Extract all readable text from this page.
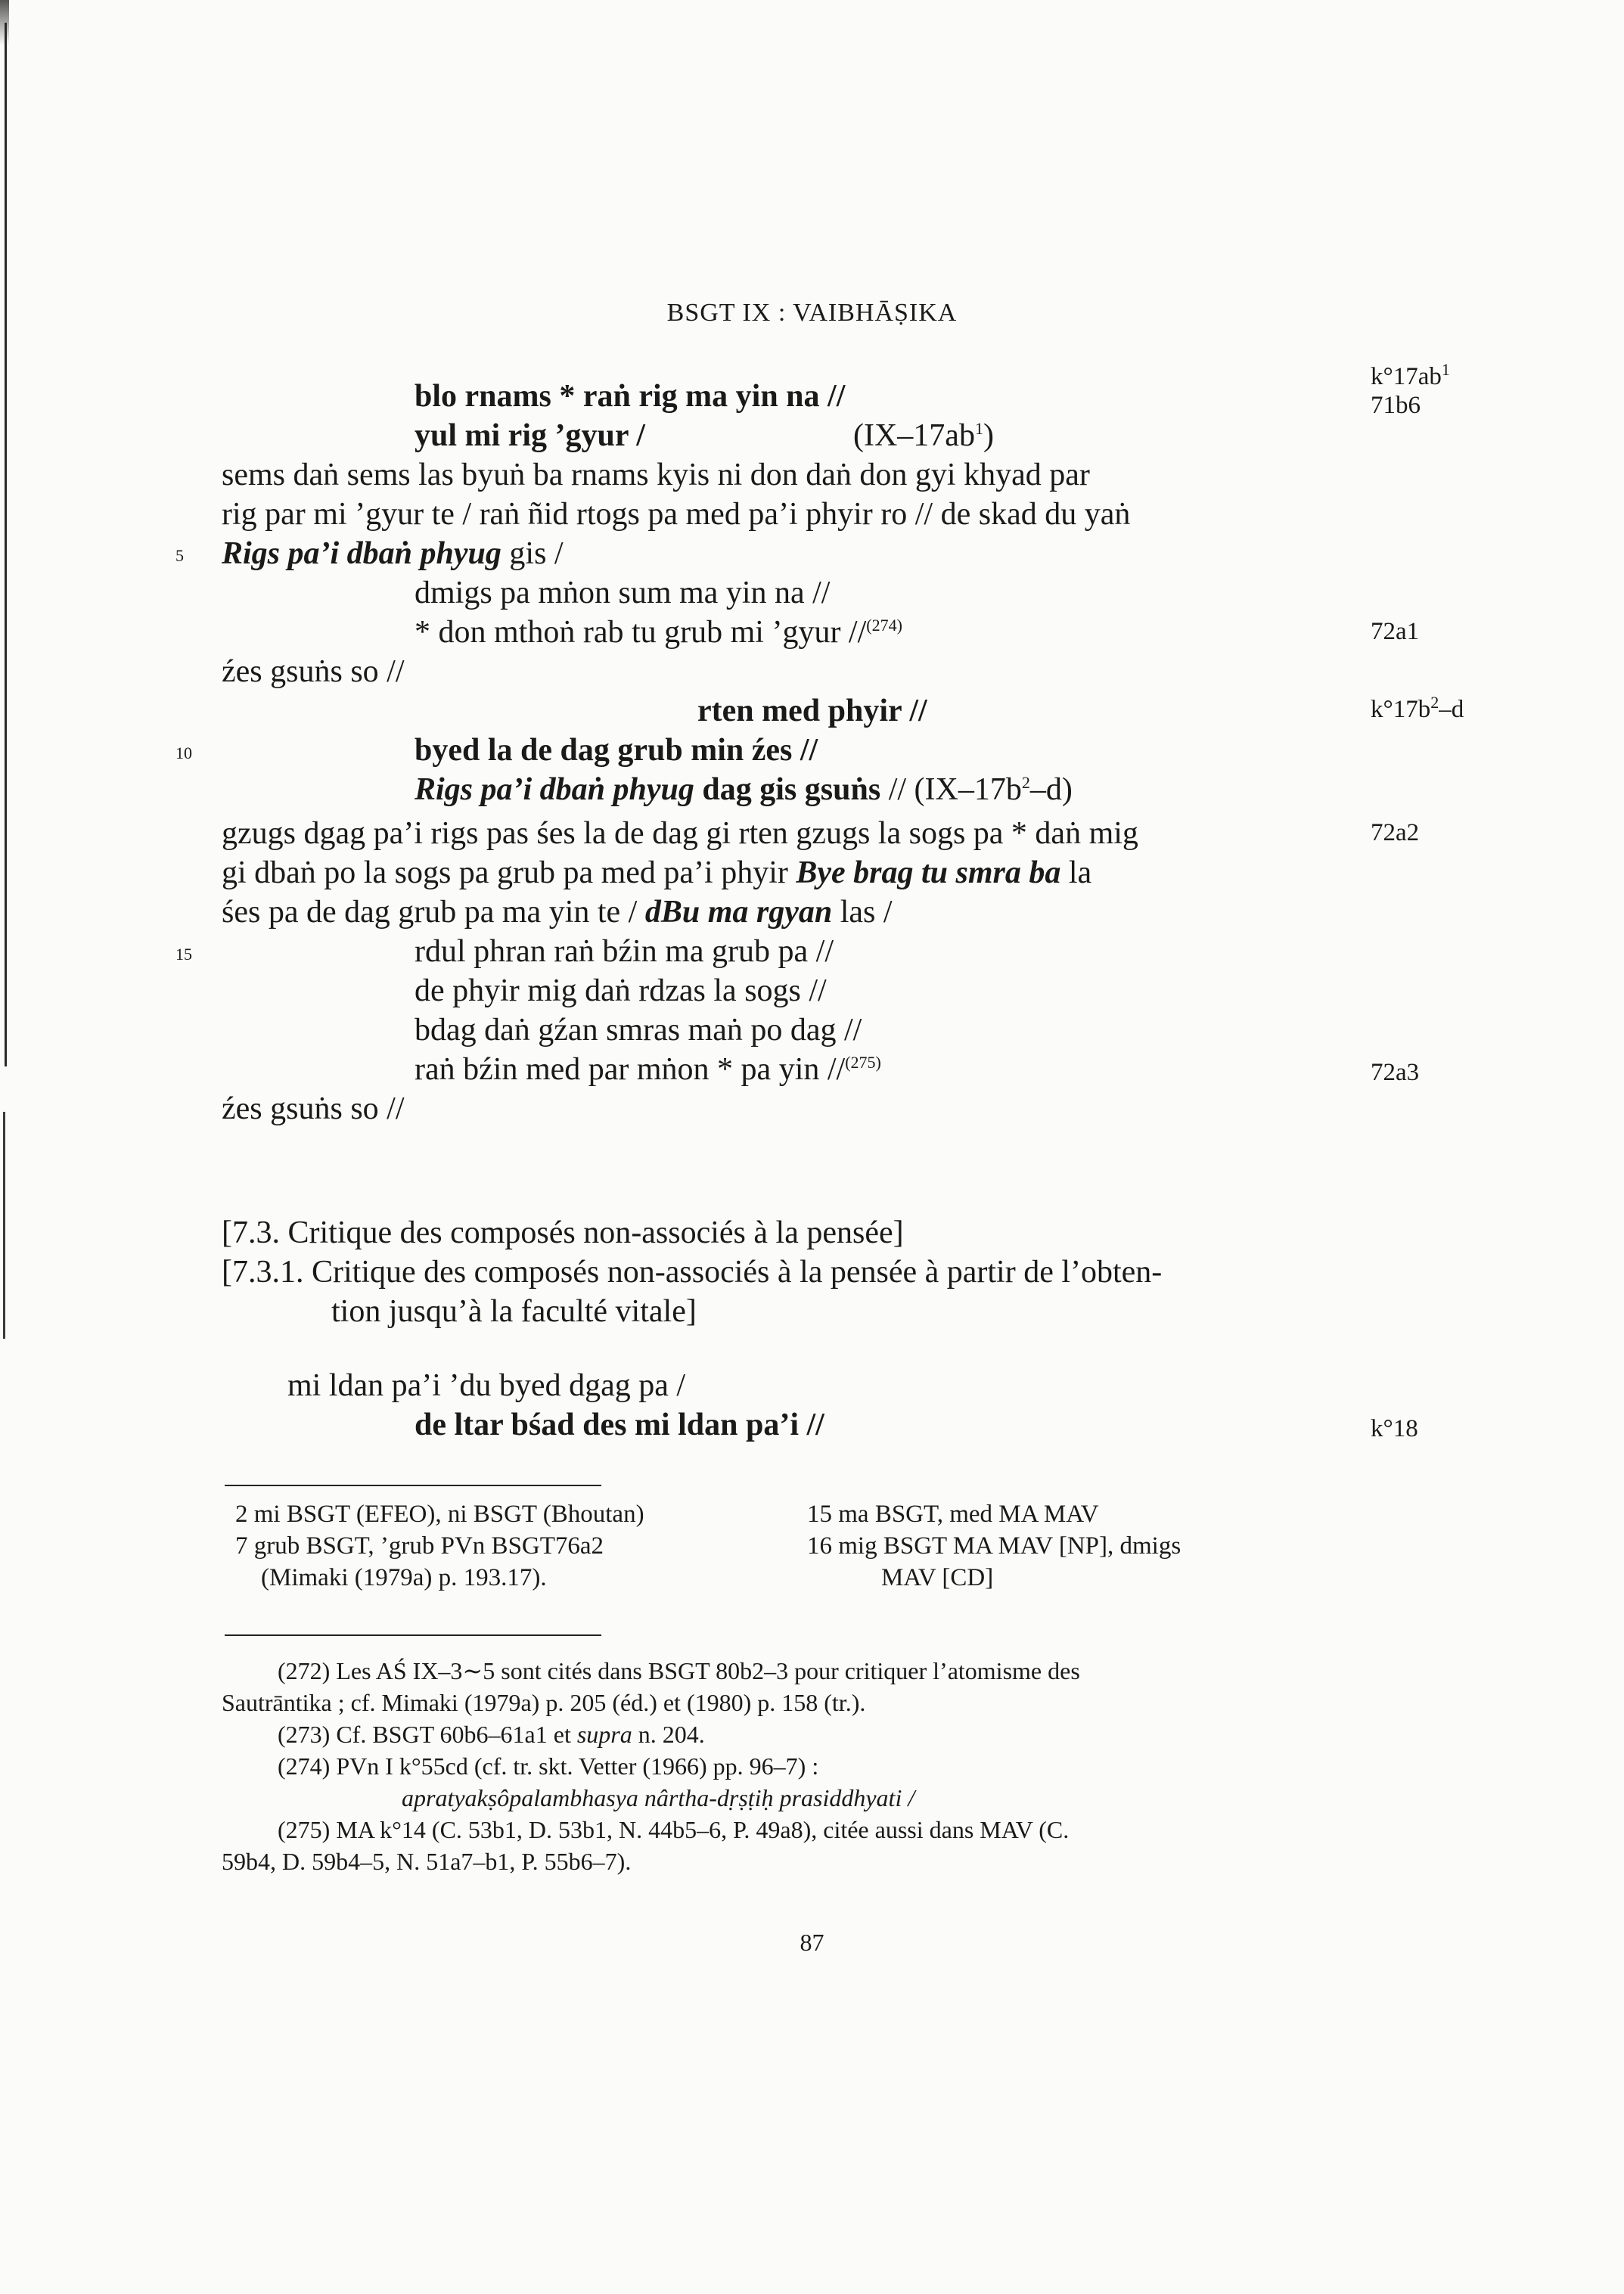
BSGT IX : VAIBHĀṢIKA
$k^\circ 17ab^1$
71b6
72a1
$k^\circ 17b^2-d$
72a2
72a3
k°18
5
10
15
blo rnams * raṅ rig ma yin na //
yul mi rig ’gyur /	$(IX-17ab^1)$
sems daṅ sems las byuṅ ba rnams kyis ni don daṅ don gyi khyad par
rig par mi ’gyur te / raṅ ñid rtogs pa med pa’i phyir ro // de skad du yaṅ
Rigs pa’i dbaṅ phyug gis /
dmigs pa mṅon sum ma yin na //
* don mthoṅ rab tu grub mi ’gyur //$^{(274)}$
źes gsuṅs so //
rten med phyir //
byed la de dag grub min źes //
Rigs pa’i dbaṅ phyug dag gis gsuṅs // $(IX-17b^2-d)$
gzugs dgag pa’i rigs pas śes la de dag gi rten gzugs la sogs pa * daṅ mig
gi dbaṅ po la sogs pa grub pa med pa’i phyir Bye brag tu smra ba la
śes pa de dag grub pa ma yin te / dBu ma rgyan las /
rdul phran raṅ bźin ma grub pa //
de phyir mig daṅ rdzas la sogs //
bdag daṅ gźan smras maṅ po dag //
raṅ bźin med par mṅon * pa yin //$^{(275)}$
źes gsuṅs so //
[7.3. Critique des composés non-associés à la pensée]
[7.3.1. Critique des composés non-associés à la pensée à partir de l’obten-
tion jusqu’à la faculté vitale]
mi ldan pa’i ’du byed dgag pa /
de ltar bśad des mi ldan pa’i //
2 mi BSGT (EFEO), ni BSGT (Bhoutan)
7 grub BSGT, ’grub PVn BSGT76a2
(Mimaki (1979a) p. 193.17).
15 ma BSGT, med MA MAV
16 mig BSGT MA MAV [NP], dmigs
MAV [CD]
(272) Les AŚ IX–3∼5 sont cités dans BSGT 80b2–3 pour critiquer l’atomisme des
Sautrāntika ; cf. Mimaki (1979a) p. 205 (éd.) et (1980) p. 158 (tr.).
(273) Cf. BSGT 60b6–61a1 et supra n. 204.
(274) PVn I k°55cd (cf. tr. skt. Vetter (1966) pp. 96–7) :
apratyakṣôpalambhasya nârtha-dṛṣṭiḥ prasiddhyati /
(275) MA k°14 (C. 53b1, D. 53b1, N. 44b5–6, P. 49a8), citée aussi dans MAV (C.
59b4, D. 59b4–5, N. 51a7–b1, P. 55b6–7).
87
